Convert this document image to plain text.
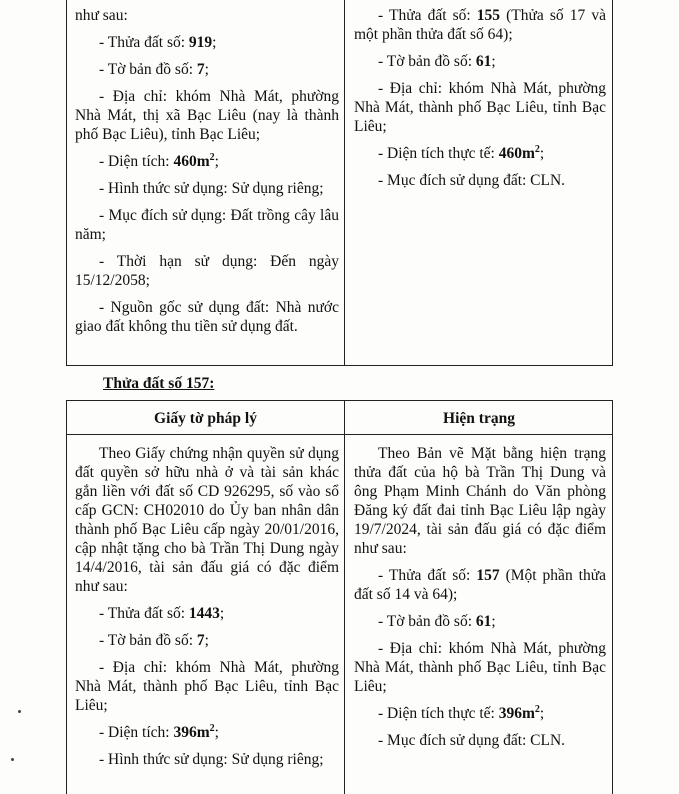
như sau:

- Thửa đất số: 919;

- Tờ bản đồ số: 7;

- Địa chỉ: khóm Nhà Mát, phường Nhà Mát, thị xã Bạc Liêu (nay là thành phố Bạc Liêu), tỉnh Bạc Liêu;

- Diện tích: $460m^2$;

- Hình thức sử dụng: Sử dụng riêng;

- Mục đích sử dụng: Đất trồng cây lâu năm;

- Thời hạn sử dụng: Đến ngày 15/12/2058;

- Nguồn gốc sử dụng đất: Nhà nước giao đất không thu tiền sử dụng đất.

- Thửa đất số: 155 (Thửa số 17 và một phần thửa đất số 64);

- Tờ bản đồ số: 61;

- Địa chỉ: khóm Nhà Mát, phường Nhà Mát, thành phố Bạc Liêu, tỉnh Bạc Liêu;

- Diện tích thực tế: $460m^2$;

- Mục đích sử dụng đất: CLN.

Thửa đất số 157:

Giấy tờ pháp lý	Hiện trạng

Theo Giấy chứng nhận quyền sử dụng đất quyền sở hữu nhà ở và tài sản khác gắn liền với đất số CD 926295, số vào sổ cấp GCN: CH02010 do Ủy ban nhân dân thành phố Bạc Liêu cấp ngày 20/01/2016, cập nhật tặng cho bà Trần Thị Dung ngày 14/4/2016, tài sản đấu giá có đặc điểm như sau:

- Thửa đất số: 1443;

- Tờ bản đồ số: 7;

- Địa chỉ: khóm Nhà Mát, phường Nhà Mát, thành phố Bạc Liêu, tỉnh Bạc Liêu;

- Diện tích: $396m^2$;

- Hình thức sử dụng: Sử dụng riêng;

Theo Bản vẽ Mặt bằng hiện trạng thửa đất của hộ bà Trần Thị Dung và ông Phạm Minh Chánh do Văn phòng Đăng ký đất đai tỉnh Bạc Liêu lập ngày 19/7/2024, tài sản đấu giá có đặc điểm như sau:

- Thửa đất số: 157 (Một phần thửa đất số 14 và 64);

- Tờ bản đồ số: 61;

- Địa chỉ: khóm Nhà Mát, phường Nhà Mát, thành phố Bạc Liêu, tỉnh Bạc Liêu;

- Diện tích thực tế: $396m^2$;

- Mục đích sử dụng đất: CLN.
